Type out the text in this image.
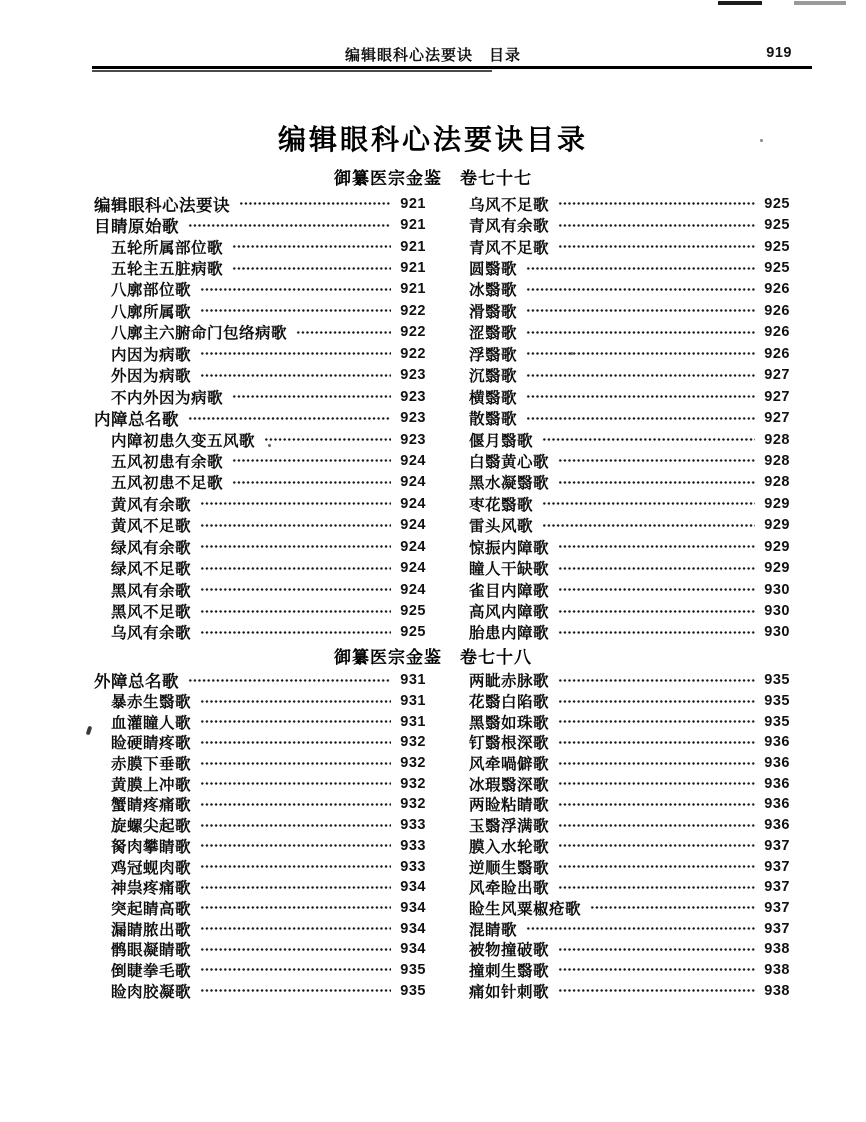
编辑眼科心法要诀　目录	919
编辑眼科心法要诀目录
御纂医宗金鉴　卷七十七
编辑眼科心法要诀	921
目睛原始歌	921
五轮所属部位歌	921
五轮主五脏病歌	921
八廓部位歌	921
八廓所属歌	922
八廓主六腑命门包络病歌	922
内因为病歌	922
外因为病歌	923
不内外因为病歌	923
内障总名歌	923
内障初患久变五风歌	923
五风初患有余歌	924
五风初患不足歌	924
黄风有余歌	924
黄风不足歌	924
绿风有余歌	924
绿风不足歌	924
黑风有余歌	924
黑风不足歌	925
乌风有余歌	925
乌风不足歌	925
青风有余歌	925
青风不足歌	925
圆翳歌	925
冰翳歌	926
滑翳歌	926
涩翳歌	926
浮翳歌	926
沉翳歌	927
横翳歌	927
散翳歌	927
偃月翳歌	928
白翳黄心歌	928
黑水凝翳歌	928
枣花翳歌	929
雷头风歌	929
惊振内障歌	929
瞳人干缺歌	929
雀目内障歌	930
高风内障歌	930
胎患内障歌	930
御纂医宗金鉴　卷七十八
外障总名歌	931
暴赤生翳歌	931
血灌瞳人歌	931
睑硬睛疼歌	932
赤膜下垂歌	932
黄膜上冲歌	932
蟹睛疼痛歌	932
旋螺尖起歌	933
胬肉攀睛歌	933
鸡冠蚬肉歌	933
神祟疼痛歌	934
突起睛高歌	934
漏睛脓出歌	934
鹘眼凝睛歌	934
倒睫拳毛歌	935
睑肉胶凝歌	935
两眦赤脉歌	935
花翳白陷歌	935
黑翳如珠歌	935
钉翳根深歌	936
风牵喎僻歌	936
冰瑕翳深歌	936
两睑粘睛歌	936
玉翳浮满歌	936
膜入水轮歌	937
逆顺生翳歌	937
风牵睑出歌	937
睑生风粟椒疮歌	937
混睛歌	937
被物撞破歌	938
撞刺生翳歌	938
痛如针刺歌	938
